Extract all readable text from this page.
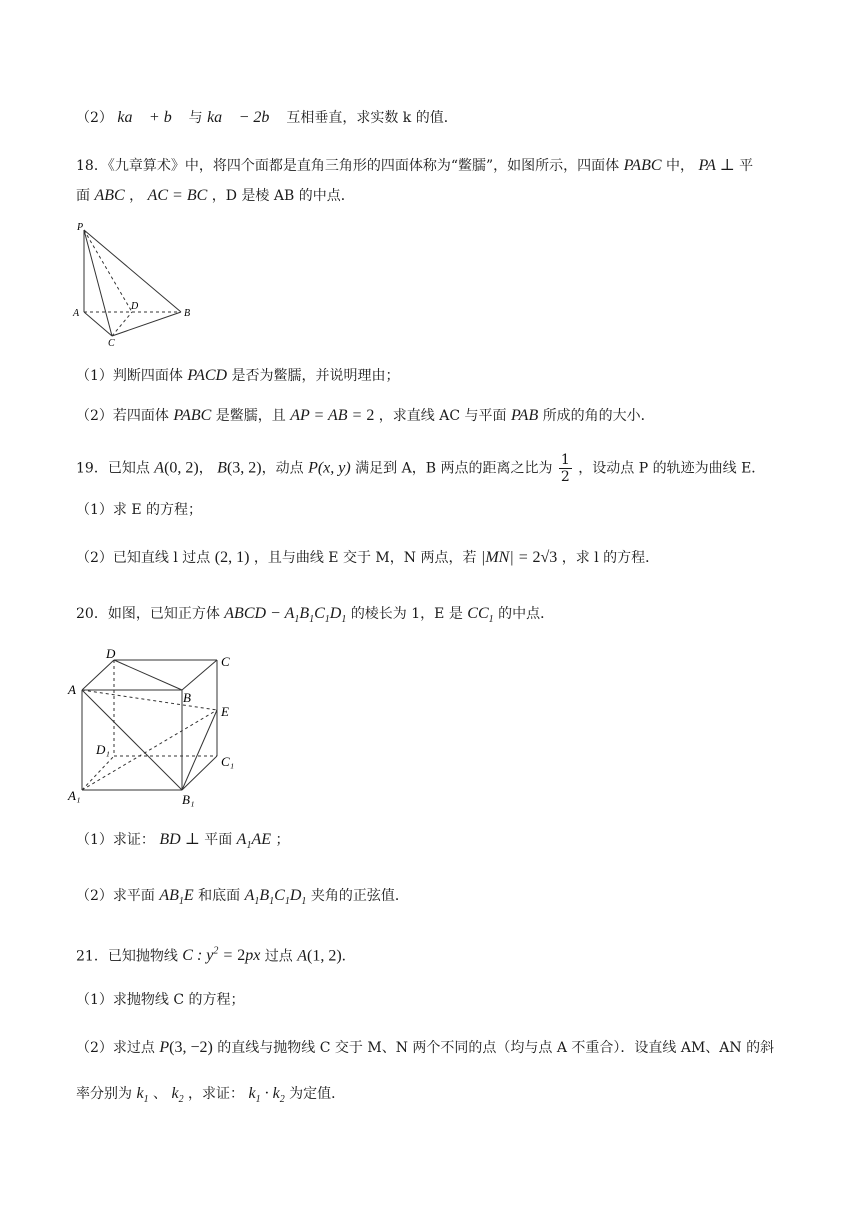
（2） ka⃗ + b⃗ 与 ka⃗ − 2b⃗ 互相垂直，求实数 k 的值．
18．《九章算术》中，将四个面都是直角三角形的四面体称为“鳖臑”，如图所示，四面体 PABC 中， PA ⊥ 平
面 ABC ， AC = BC ，D 是棱 AB 的中点．
P
A
D
B
C
（1）判断四面体 PACD 是否为鳖臑，并说明理由；
（2）若四面体 PABC 是鳖臑，且 AP = AB = 2 ，求直线 AC 与平面 PAB 所成的角的大小．
19．已知点 A(0, 2)， B(3, 2)，动点 P(x, y) 满足到 A，B 两点的距离之比为 $\frac{1}{2}$ ，设动点 P 的轨迹为曲线 E．
（1）求 E 的方程；
（2）已知直线 l 过点 (2, 1) ，且与曲线 E 交于 M，N 两点，若 |MN| = 2√3 ，求 l 的方程．
20．如图，已知正方体 ABCD − $A_1B_1C_1D_1$ 的棱长为 1，E 是 $CC_1$ 的中点．
D
C
A
B
E
D₁
C₁
A₁	B₁
（1）求证： BD ⊥ 平面 $A_1AE$ ；
（2）求平面 $AB_1E$ 和底面 $A_1B_1C_1D_1$ 夹角的正弦值．
21．已知抛物线 C : $y^2 = 2px$ 过点 A(1, 2)．
（1）求抛物线 C 的方程；
（2）求过点 P(3, −2) 的直线与抛物线 C 交于 M、N 两个不同的点（均与点 A 不重合）．设直线 AM、AN 的斜
率分别为 $k_1$ 、 $k_2$ ，求证： $k_1 \cdot k_2$ 为定值．
